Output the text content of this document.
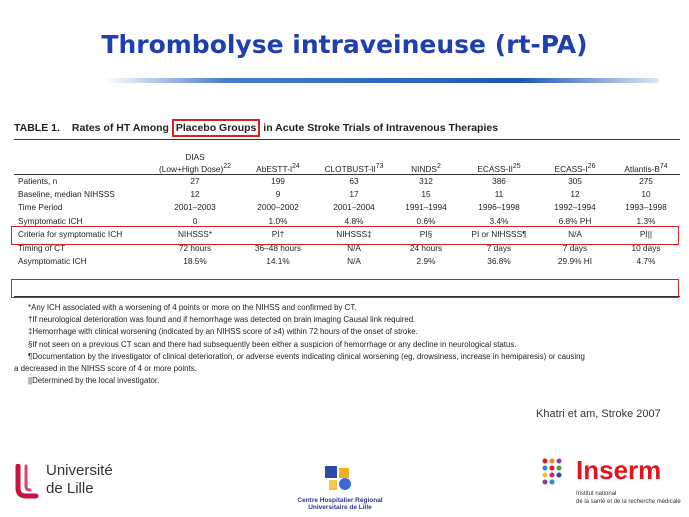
Thrombolyse intraveineuse (rt-PA)
TABLE 1. Rates of HT Among Placebo Groups in Acute Stroke Trials of Intravenous Therapies
	DIAS
(Low+High Dose)$^{22}$	AbESTT-$I^{24}$	CLOTBUST-II$^{73}$	NINDS$^2$	ECASS-II$^{25}$	ECASS-$I^{26}$	Atlantis-$B^{74}$
Patients, n	27	199	63	312	386	305	275
Baseline, median NIHSSS	12	9	17	15	11	12	10
Time Period	2001–2003	2000–2002	2001–2004	1991–1994	1996–1998	1992–1994	1993–1998
Symptomatic ICH	0	1.0%	4.8%	0.6%	3.4%	6.8% PH	1.3%
Criteria for symptomatic ICH	NIHSSS*	PI†	NIHSSS‡	PI§	PI or NIHSSS¶	N/A	PI||
Timing of CT	72 hours	36–48 hours	N/A	24 hours	7 days	7 days	10 days
Asymptomatic ICH	18.5%	14.1%	N/A	2.9%	36.8%	29.9% HI	4.7%
*Any ICH associated with a worsening of 4 points or more on the NIHSS and confirmed by CT.
†If neurological deterioration was found and if hemorrhage was detected on brain imaging Causal link required.
‡Hemorrhage with clinical worsening (indicated by an NIHSS score of ≥4) within 72 hours of the onset of stroke.
§If not seen on a previous CT scan and there had subsequently been either a suspicion of hemorrhage or any decline in neurological status.
¶Documentation by the investigator of clinical deterioration, or adverse events indicating clinical worsening (eg, drowsiness, increase in hemiparesis) or causing
a decreased in the NIHSS score of 4 or more points.
||Determined by the local investigator.
Khatri et am, Stroke 2007
Université
de Lille
Centre Hospitalier Régional
Universitaire de Lille
Inserm
Institut national
de la santé et de la recherche médicale
